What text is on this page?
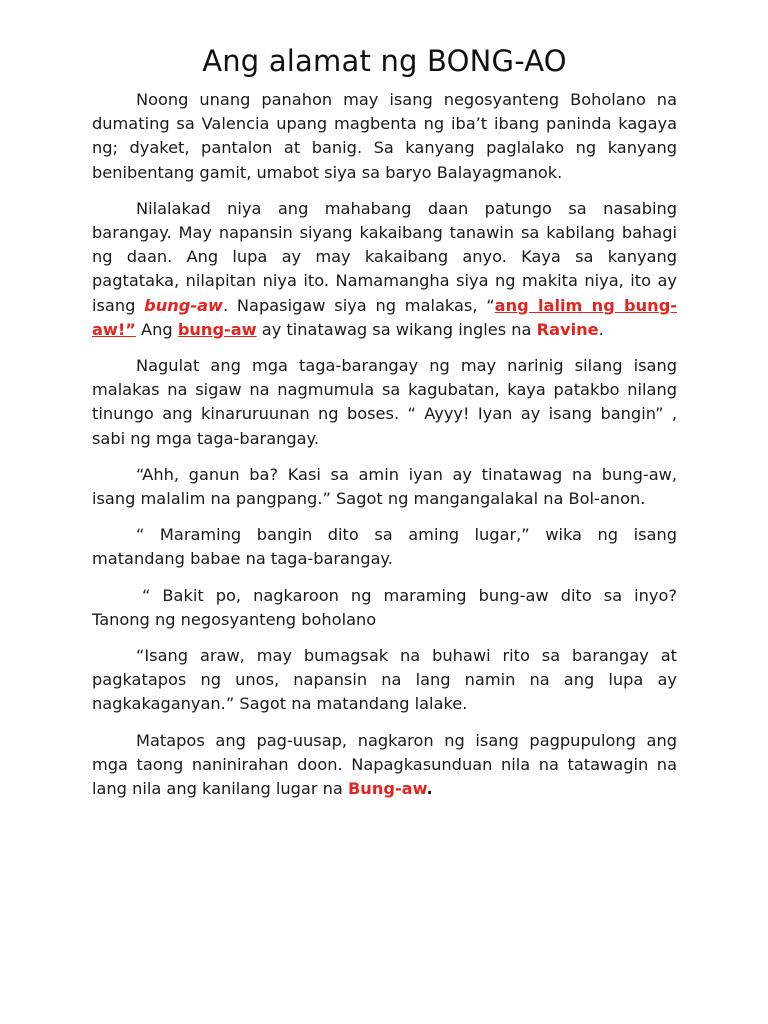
Ang alamat ng BONG-AO

Noong unang panahon may isang negosyanteng Boholano na dumating sa Valencia upang magbenta ng iba’t ibang paninda kagaya ng; dyaket, pantalon at banig. Sa kanyang paglalako ng kanyang benibentang gamit, umabot siya sa baryo Balayagmanok.

Nilalakad niya ang mahabang daan patungo sa nasabing barangay. May napansin siyang kakaibang tanawin sa kabilang bahagi ng daan. Ang lupa ay may kakaibang anyo. Kaya sa kanyang pagtataka, nilapitan niya ito. Namamangha siya ng makita niya, ito ay isang bung-aw. Napasigaw siya ng malakas, “ang lalim ng bung-aw!” Ang bung-aw ay tinatawag sa wikang ingles na Ravine.

Nagulat ang mga taga-barangay ng may narinig silang isang malakas na sigaw na nagmumula sa kagubatan, kaya patakbo nilang tinungo ang kinaruruunan ng boses. “ Ayyy! Iyan ay isang bangin” , sabi ng mga taga-barangay.

“Ahh, ganun ba? Kasi sa amin iyan ay tinatawag na bung-aw, isang malalim na pangpang.” Sagot ng mangangalakal na Bol-anon.

“ Maraming bangin dito sa aming lugar,” wika ng isang matandang babae na taga-barangay.

“ Bakit po, nagkaroon ng maraming bung-aw dito sa inyo? Tanong ng negosyanteng boholano

“Isang araw, may bumagsak na buhawi rito sa barangay at pagkatapos ng unos, napansin na lang namin na ang lupa ay nagkakaganyan.” Sagot na matandang lalake.

Matapos ang pag-uusap, nagkaron ng isang pagpupulong ang mga taong naninirahan doon. Napagkasunduan nila na tatawagin na lang nila ang kanilang lugar na Bung-aw.
